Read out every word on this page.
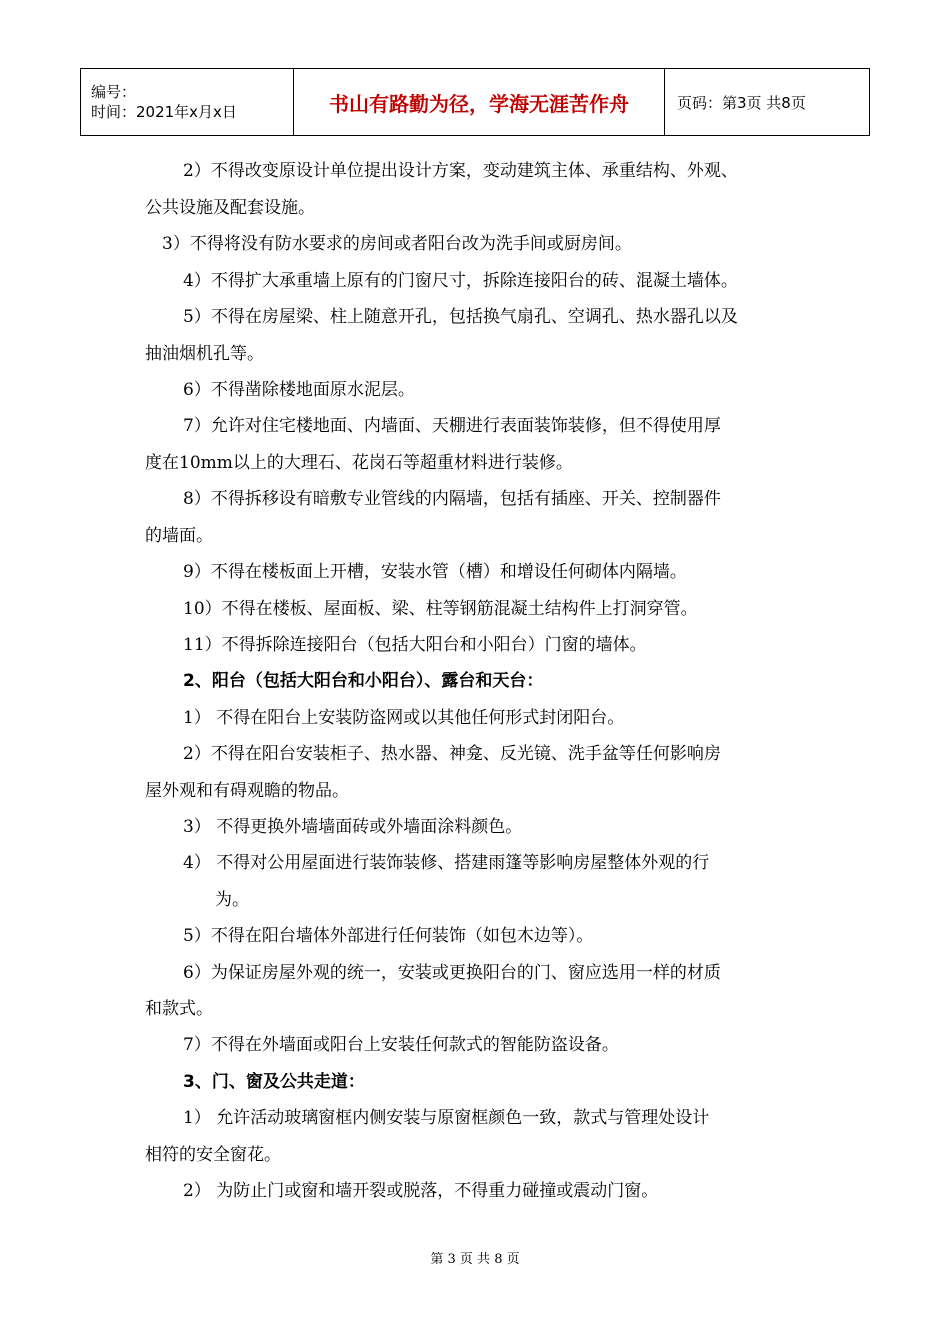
编号：
时间：2021年x月x日	书山有路勤为径，学海无涯苦作舟	页码：第3页 共8页
2）不得改变原设计单位提出设计方案，变动建筑主体、承重结构、外观、
公共设施及配套设施。
3）不得将没有防水要求的房间或者阳台改为洗手间或厨房间。
4）不得扩大承重墙上原有的门窗尺寸，拆除连接阳台的砖、混凝土墙体。
5）不得在房屋梁、柱上随意开孔，包括换气扇孔、空调孔、热水器孔以及
抽油烟机孔等。
6）不得凿除楼地面原水泥层。
7）允许对住宅楼地面、内墙面、天棚进行表面装饰装修，但不得使用厚
度在10mm以上的大理石、花岗石等超重材料进行装修。
8）不得拆移设有暗敷专业管线的内隔墙，包括有插座、开关、控制器件
的墙面。
9）不得在楼板面上开槽，安装水管（槽）和增设任何砌体内隔墙。
10）不得在楼板、屋面板、梁、柱等钢筋混凝土结构件上打洞穿管。
11）不得拆除连接阳台（包括大阳台和小阳台）门窗的墙体。
2、阳台（包括大阳台和小阳台）、露台和天台：
1） 不得在阳台上安装防盗网或以其他任何形式封闭阳台。
2）不得在阳台安装柜子、热水器、神龛、反光镜、洗手盆等任何影响房
屋外观和有碍观瞻的物品。
3） 不得更换外墙墙面砖或外墙面涂料颜色。
4） 不得对公用屋面进行装饰装修、搭建雨篷等影响房屋整体外观的行
为。
5）不得在阳台墙体外部进行任何装饰（如包木边等）。
6）为保证房屋外观的统一，安装或更换阳台的门、窗应选用一样的材质
和款式。
7）不得在外墙面或阳台上安装任何款式的智能防盗设备。
3、门、窗及公共走道：
1） 允许活动玻璃窗框内侧安装与原窗框颜色一致，款式与管理处设计
相符的安全窗花。
2） 为防止门或窗和墙开裂或脱落，不得重力碰撞或震动门窗。
第 3 页 共 8 页
